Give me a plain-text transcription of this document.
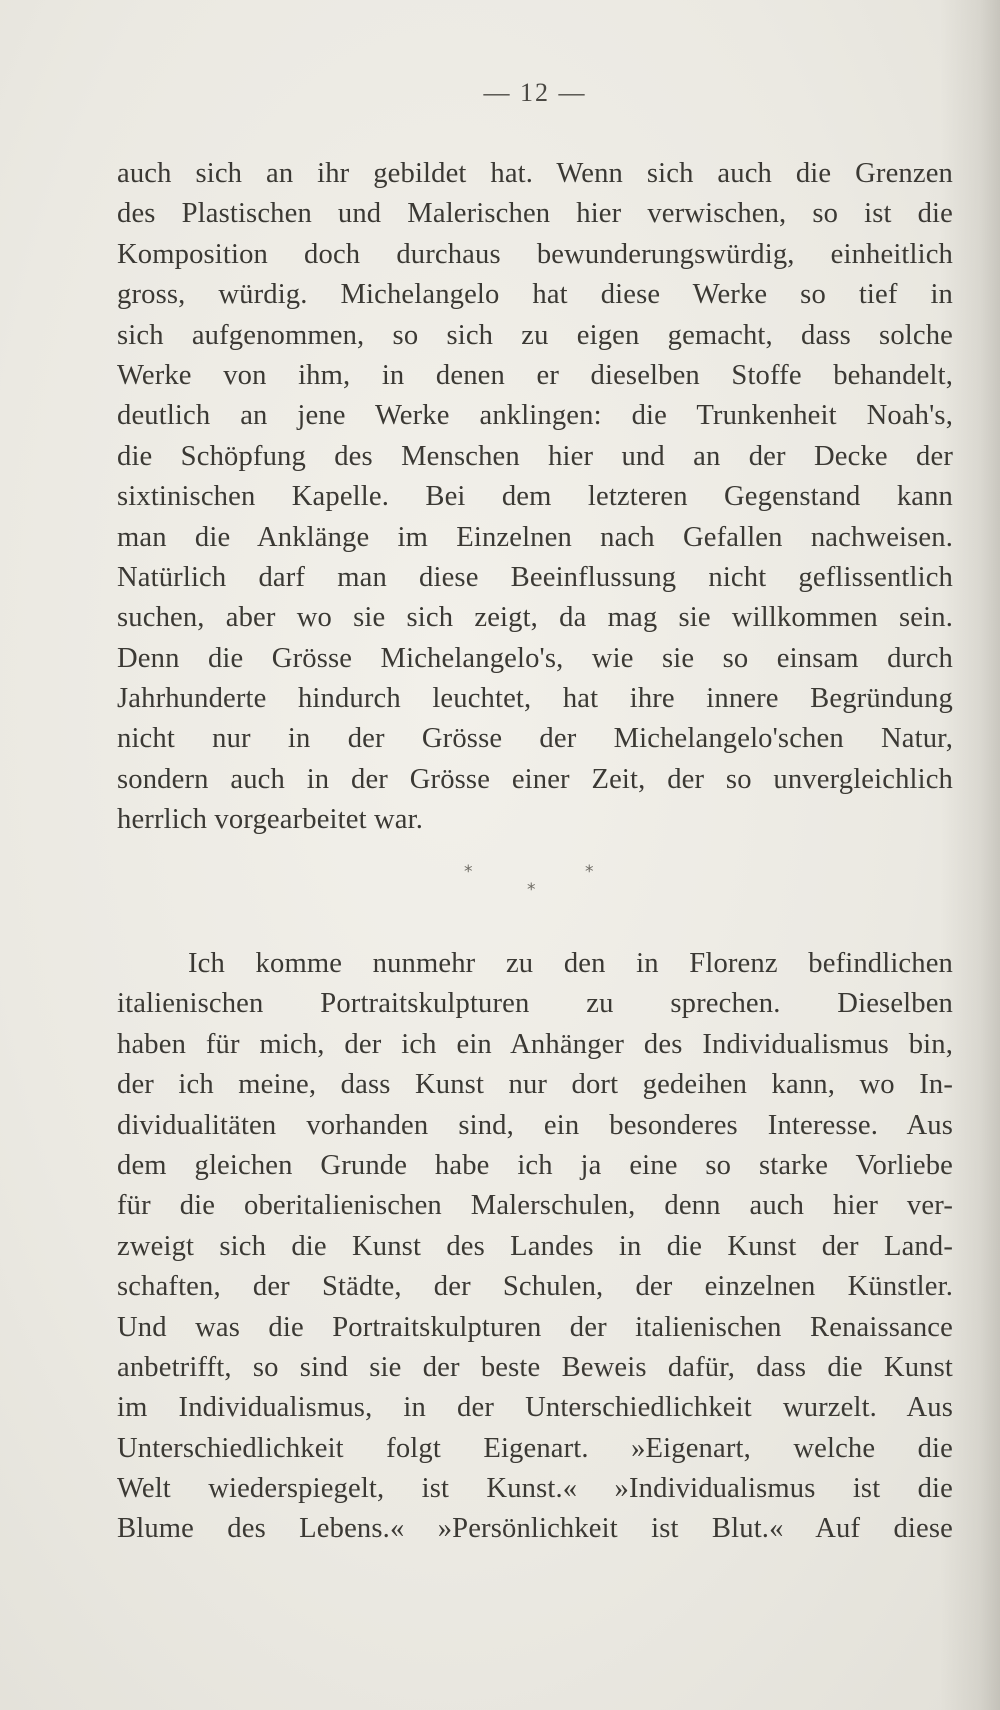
— 12 —
auch sich an ihr gebildet hat. Wenn sich auch die Grenzen
des Plastischen und Malerischen hier verwischen, so ist die
Komposition doch durchaus bewunderungswürdig, einheitlich
gross, würdig. Michelangelo hat diese Werke so tief in
sich aufgenommen, so sich zu eigen gemacht, dass solche
Werke von ihm, in denen er dieselben Stoffe behandelt,
deutlich an jene Werke anklingen: die Trunkenheit Noah's,
die Schöpfung des Menschen hier und an der Decke der
sixtinischen Kapelle. Bei dem letzteren Gegenstand kann
man die Anklänge im Einzelnen nach Gefallen nachweisen.
Natürlich darf man diese Beeinflussung nicht geflissentlich
suchen, aber wo sie sich zeigt, da mag sie willkommen sein.
Denn die Grösse Michelangelo's, wie sie so einsam durch
Jahrhunderte hindurch leuchtet, hat ihre innere Begründung
nicht nur in der Grösse der Michelangelo'schen Natur,
sondern auch in der Grösse einer Zeit, der so unvergleichlich
herrlich vorgearbeitet war.
*
*
*
Ich komme nunmehr zu den in Florenz befindlichen
italienischen Portraitskulpturen zu sprechen. Dieselben
haben für mich, der ich ein Anhänger des Individualismus bin,
der ich meine, dass Kunst nur dort gedeihen kann, wo In-
dividualitäten vorhanden sind, ein besonderes Interesse. Aus
dem gleichen Grunde habe ich ja eine so starke Vorliebe
für die oberitalienischen Malerschulen, denn auch hier ver-
zweigt sich die Kunst des Landes in die Kunst der Land-
schaften, der Städte, der Schulen, der einzelnen Künstler.
Und was die Portraitskulpturen der italienischen Renaissance
anbetrifft, so sind sie der beste Beweis dafür, dass die Kunst
im Individualismus, in der Unterschiedlichkeit wurzelt. Aus
Unterschiedlichkeit folgt Eigenart. »Eigenart, welche die
Welt wiederspiegelt, ist Kunst.« »Individualismus ist die
Blume des Lebens.« »Persönlichkeit ist Blut.« Auf diese
